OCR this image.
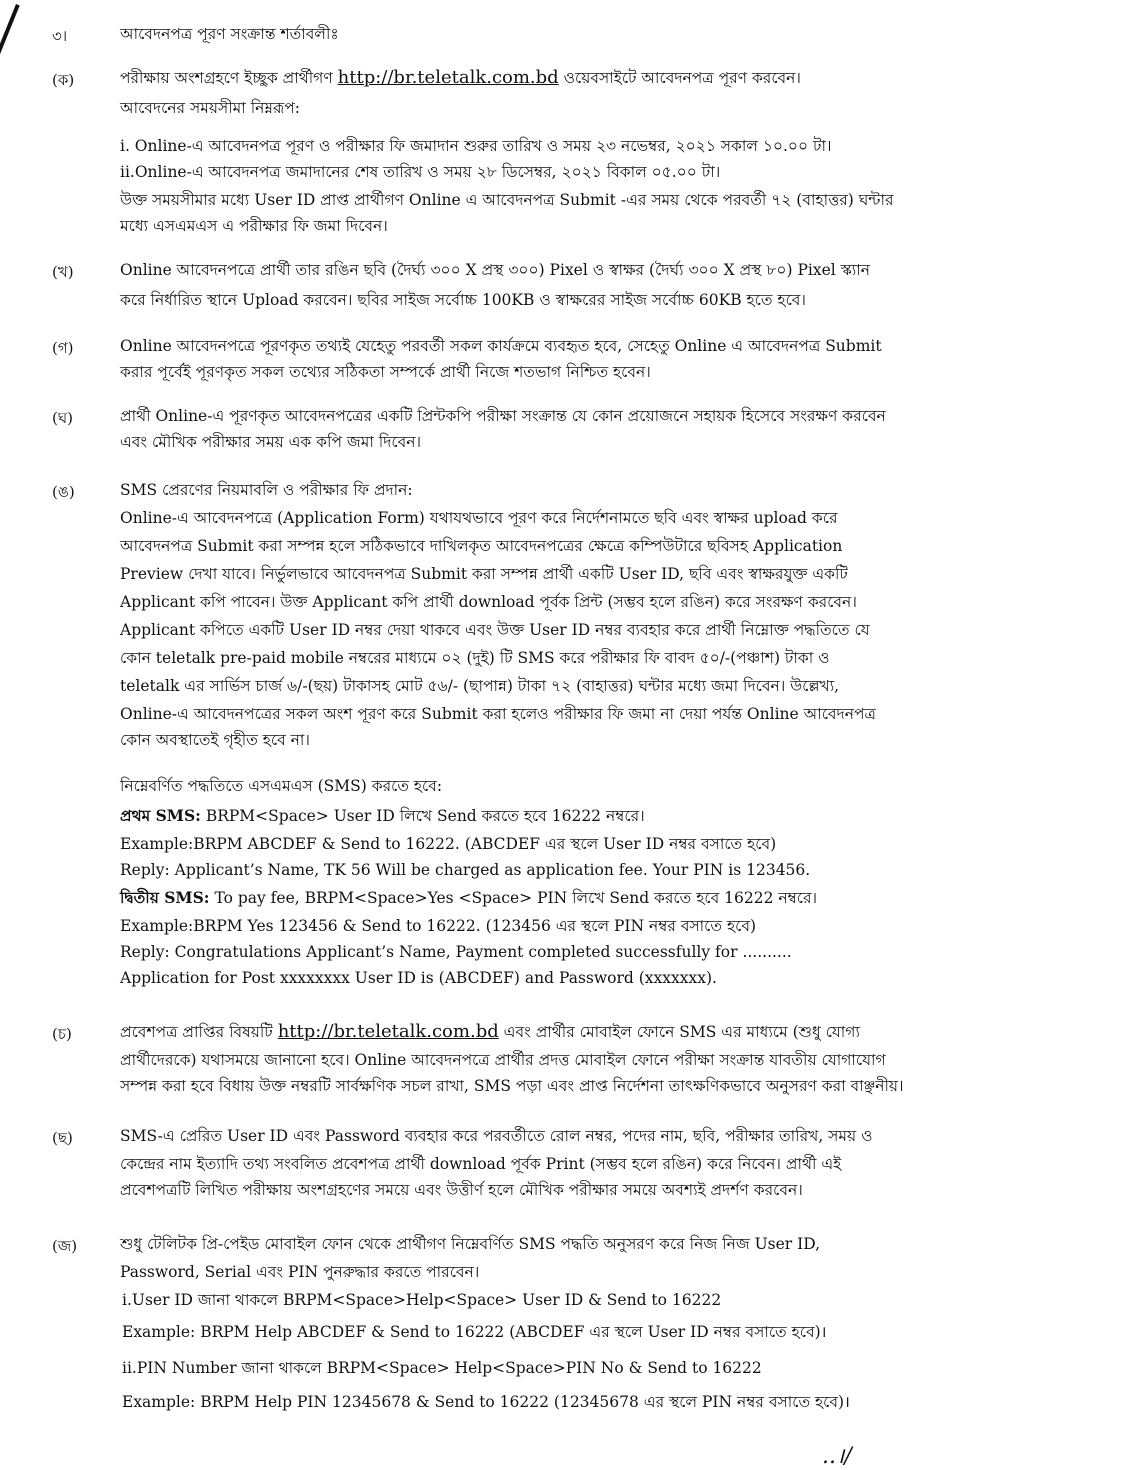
৩।	আবেদনপত্র পূরণ সংক্রান্ত শর্তাবলীঃ
(ক)	পরীক্ষায় অংশগ্রহণে ইচ্ছুক প্রার্থীগণ http://br.teletalk.com.bd ওয়েবসাইটে আবেদনপত্র পূরণ করবেন।
আবেদনের সময়সীমা নিম্নরূপ:
i. Online-এ আবেদনপত্র পূরণ ও পরীক্ষার ফি জমাদান শুরুর তারিখ ও সময় ২৩ নভেম্বর, ২০২১ সকাল ১০.০০ টা।
ii.Online-এ আবেদনপত্র জমাদানের শেষ তারিখ ও সময় ২৮ ডিসেম্বর, ২০২১ বিকাল ০৫.০০ টা।
উক্ত সময়সীমার মধ্যে User ID প্রাপ্ত প্রার্থীগণ Online এ আবেদনপত্র Submit -এর সময় থেকে পরবর্তী ৭২ (বাহাত্তর) ঘন্টার
মধ্যে এসএমএস এ পরীক্ষার ফি জমা দিবেন।
(খ)	Online আবেদনপত্রে প্রার্থী তার রঙিন ছবি (দৈর্ঘ্য ৩০০ X প্রস্থ ৩০০) Pixel ও স্বাক্ষর (দৈর্ঘ্য ৩০০ X প্রস্থ ৮০) Pixel স্ক্যান
করে নির্ধারিত স্থানে Upload করবেন। ছবির সাইজ সর্বোচ্চ 100KB ও স্বাক্ষরের সাইজ সর্বোচ্চ 60KB হতে হবে।
(গ)	Online আবেদনপত্রে পূরণকৃত তথ্যই যেহেতু পরবর্তী সকল কার্যক্রমে ব্যবহৃত হবে, সেহেতু Online এ আবেদনপত্র Submit
করার পূর্বেই পূরণকৃত সকল তথ্যের সঠিকতা সম্পর্কে প্রার্থী নিজে শতভাগ নিশ্চিত হবেন।
(ঘ)	প্রার্থী Online-এ পূরণকৃত আবেদনপত্রের একটি প্রিন্টকপি পরীক্ষা সংক্রান্ত যে কোন প্রয়োজনে সহায়ক হিসেবে সংরক্ষণ করবেন
এবং মৌখিক পরীক্ষার সময় এক কপি জমা দিবেন।
(ঙ)	SMS প্রেরণের নিয়মাবলি ও পরীক্ষার ফি প্রদান:
Online-এ আবেদনপত্রে (Application Form) যথাযথভাবে পূরণ করে নির্দেশনামতে ছবি এবং স্বাক্ষর upload করে
আবেদনপত্র Submit করা সম্পন্ন হলে সঠিকভাবে দাখিলকৃত আবেদনপত্রের ক্ষেত্রে কম্পিউটারে ছবিসহ Application
Preview দেখা যাবে। নির্ভুলভাবে আবেদনপত্র Submit করা সম্পন্ন প্রার্থী একটি User ID, ছবি এবং স্বাক্ষরযুক্ত একটি
Applicant কপি পাবেন। উক্ত Applicant কপি প্রার্থী download পূর্বক প্রিন্ট (সম্ভব হলে রঙিন) করে সংরক্ষণ করবেন।
Applicant কপিতে একটি User ID নম্বর দেয়া থাকবে এবং উক্ত User ID নম্বর ব্যবহার করে প্রার্থী নিম্নোক্ত পদ্ধতিতে যে
কোন teletalk pre-paid mobile নম্বরের মাধ্যমে ০২ (দুই) টি SMS করে পরীক্ষার ফি বাবদ ৫০/-(পঞ্চাশ) টাকা ও
teletalk এর সার্ভিস চার্জ ৬/-(ছয়) টাকাসহ মোট ৫৬/- (ছাপান্ন) টাকা ৭২ (বাহাত্তর) ঘন্টার মধ্যে জমা দিবেন। উল্লেখ্য,
Online-এ আবেদনপত্রের সকল অংশ পূরণ করে Submit করা হলেও পরীক্ষার ফি জমা না দেয়া পর্যন্ত Online আবেদনপত্র
কোন অবস্থাতেই গৃহীত হবে না।
নিম্নেবর্ণিত পদ্ধতিতে এসএমএস (SMS) করতে হবে:
প্রথম SMS: BRPM<Space> User ID লিখে Send করতে হবে 16222 নম্বরে।
Example:BRPM ABCDEF & Send to 16222. (ABCDEF এর স্থলে User ID নম্বর বসাতে হবে)
Reply: Applicant’s Name, TK 56 Will be charged as application fee. Your PIN is 123456.
দ্বিতীয় SMS: To pay fee, BRPM<Space>Yes <Space> PIN লিখে Send করতে হবে 16222 নম্বরে।
Example:BRPM Yes 123456 & Send to 16222. (123456 এর স্থলে PIN নম্বর বসাতে হবে)
Reply: Congratulations Applicant’s Name, Payment completed successfully for ..........
Application for Post xxxxxxxx User ID is (ABCDEF) and Password (xxxxxxx).
(চ)	প্রবেশপত্র প্রাপ্তির বিষয়টি http://br.teletalk.com.bd এবং প্রার্থীর মোবাইল ফোনে SMS এর মাধ্যমে (শুধু যোগ্য
প্রার্থীদেরকে) যথাসময়ে জানানো হবে। Online আবেদনপত্রে প্রার্থীর প্রদত্ত মোবাইল ফোনে পরীক্ষা সংক্রান্ত যাবতীয় যোগাযোগ
সম্পন্ন করা হবে বিধায় উক্ত নম্বরটি সার্বক্ষণিক সচল রাখা, SMS পড়া এবং প্রাপ্ত নির্দেশনা তাৎক্ষণিকভাবে অনুসরণ করা বাঞ্ছনীয়।
(ছ)	SMS-এ প্রেরিত User ID এবং Password ব্যবহার করে পরবর্তীতে রোল নম্বর, পদের নাম, ছবি, পরীক্ষার তারিখ, সময় ও
কেন্দ্রের নাম ইত্যাদি তথ্য সংবলিত প্রবেশপত্র প্রার্থী download পূর্বক Print (সম্ভব হলে রঙিন) করে নিবেন। প্রার্থী এই
প্রবেশপত্রটি লিখিত পরীক্ষায় অংশগ্রহণের সময়ে এবং উত্তীর্ণ হলে মৌখিক পরীক্ষার সময়ে অবশ্যই প্রদর্শণ করবেন।
(জ)	শুধু টেলিটক প্রি-পেইড মোবাইল ফোন থেকে প্রার্থীগণ নিম্নেবর্ণিত SMS পদ্ধতি অনুসরণ করে নিজ নিজ User ID,
Password, Serial এবং PIN পুনরুদ্ধার করতে পারবেন।
i.User ID জানা থাকলে BRPM<Space>Help<Space> User ID & Send to 16222
Example: BRPM Help ABCDEF & Send to 16222 (ABCDEF এর স্থলে User ID নম্বর বসাতে হবে)।
ii.PIN Number জানা থাকলে BRPM<Space> Help<Space>PIN No & Send to 16222
Example: BRPM Help PIN 12345678 & Send to 16222 (12345678 এর স্থলে PIN নম্বর বসাতে হবে)।
..।/
